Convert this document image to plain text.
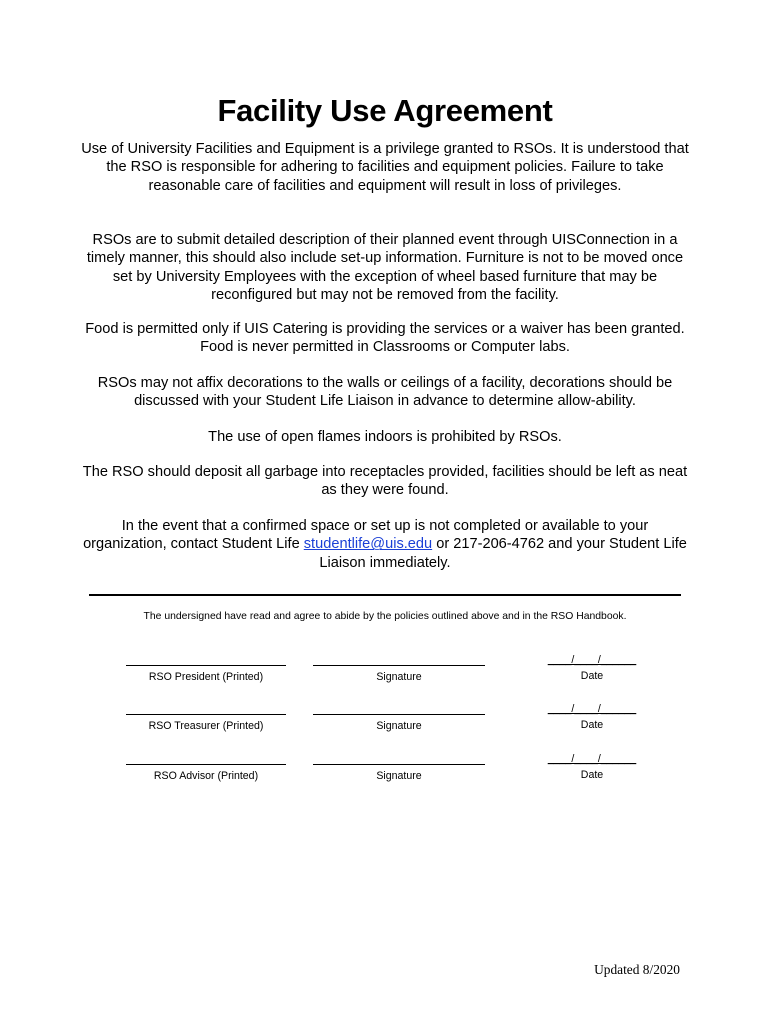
Facility Use Agreement

Use of University Facilities and Equipment is a privilege granted to RSOs. It is understood that the RSO is responsible for adhering to facilities and equipment policies. Failure to take reasonable care of facilities and equipment will result in loss of privileges.

RSOs are to submit detailed description of their planned event through UISConnection in a timely manner, this should also include set-up information. Furniture is not to be moved once set by University Employees with the exception of wheel based furniture that may be reconfigured but may not be removed from the facility.

Food is permitted only if UIS Catering is providing the services or a waiver has been granted. Food is never permitted in Classrooms or Computer labs.

RSOs may not affix decorations to the walls or ceilings of a facility, decorations should be discussed with your Student Life Liaison in advance to determine allow-ability.

The use of open flames indoors is prohibited by RSOs.

The RSO should deposit all garbage into receptacles provided, facilities should be left as neat as they were found.

In the event that a confirmed space or set up is not completed or available to your organization, contact Student Life studentlife@uis.edu or 217-206-4762 and your Student Life Liaison immediately.

The undersigned have read and agree to abide by the policies outlined above and in the RSO Handbook.

RSO President (Printed)	Signature
____/____/______
Date
RSO Treasurer (Printed)	Signature
____/____/______
Date
RSO Advisor (Printed)	Signature
____/____/______
Date
Updated 8/2020
